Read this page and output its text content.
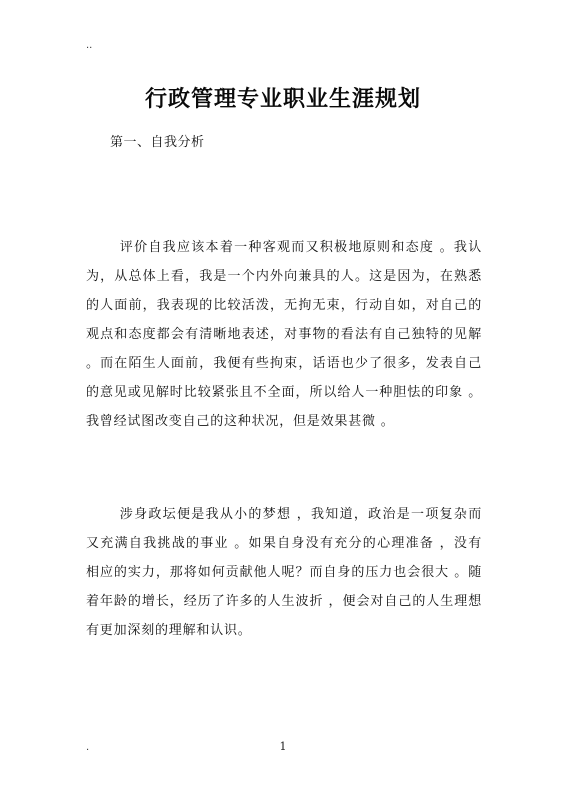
..
行政管理专业职业生涯规划
第一、自我分析

评价自我应该本着一种客观而又积极地原则和态度 。我认为，从总体上看，我是一个内外向兼具的人。这是因为，在熟悉的人面前，我表现的比较活泼，无拘无束，行动自如，对自己的观点和态度都会有清晰地表述，对事物的看法有自己独特的见解 。而在陌生人面前，我便有些拘束，话语也少了很多，发表自己的意见或见解时比较紧张且不全面，所以给人一种胆怯的印象 。我曾经试图改变自己的这种状况，但是效果甚微 。

涉身政坛便是我从小的梦想 ，我知道，政治是一项复杂而又充满自我挑战的事业 。如果自身没有充分的心理准备 ，没有相应的实力，那将如何贡献他人呢？而自身的压力也会很大 。随着年龄的增长，经历了许多的人生波折 ，便会对自己的人生理想有更加深刻的理解和认识。

.	1
